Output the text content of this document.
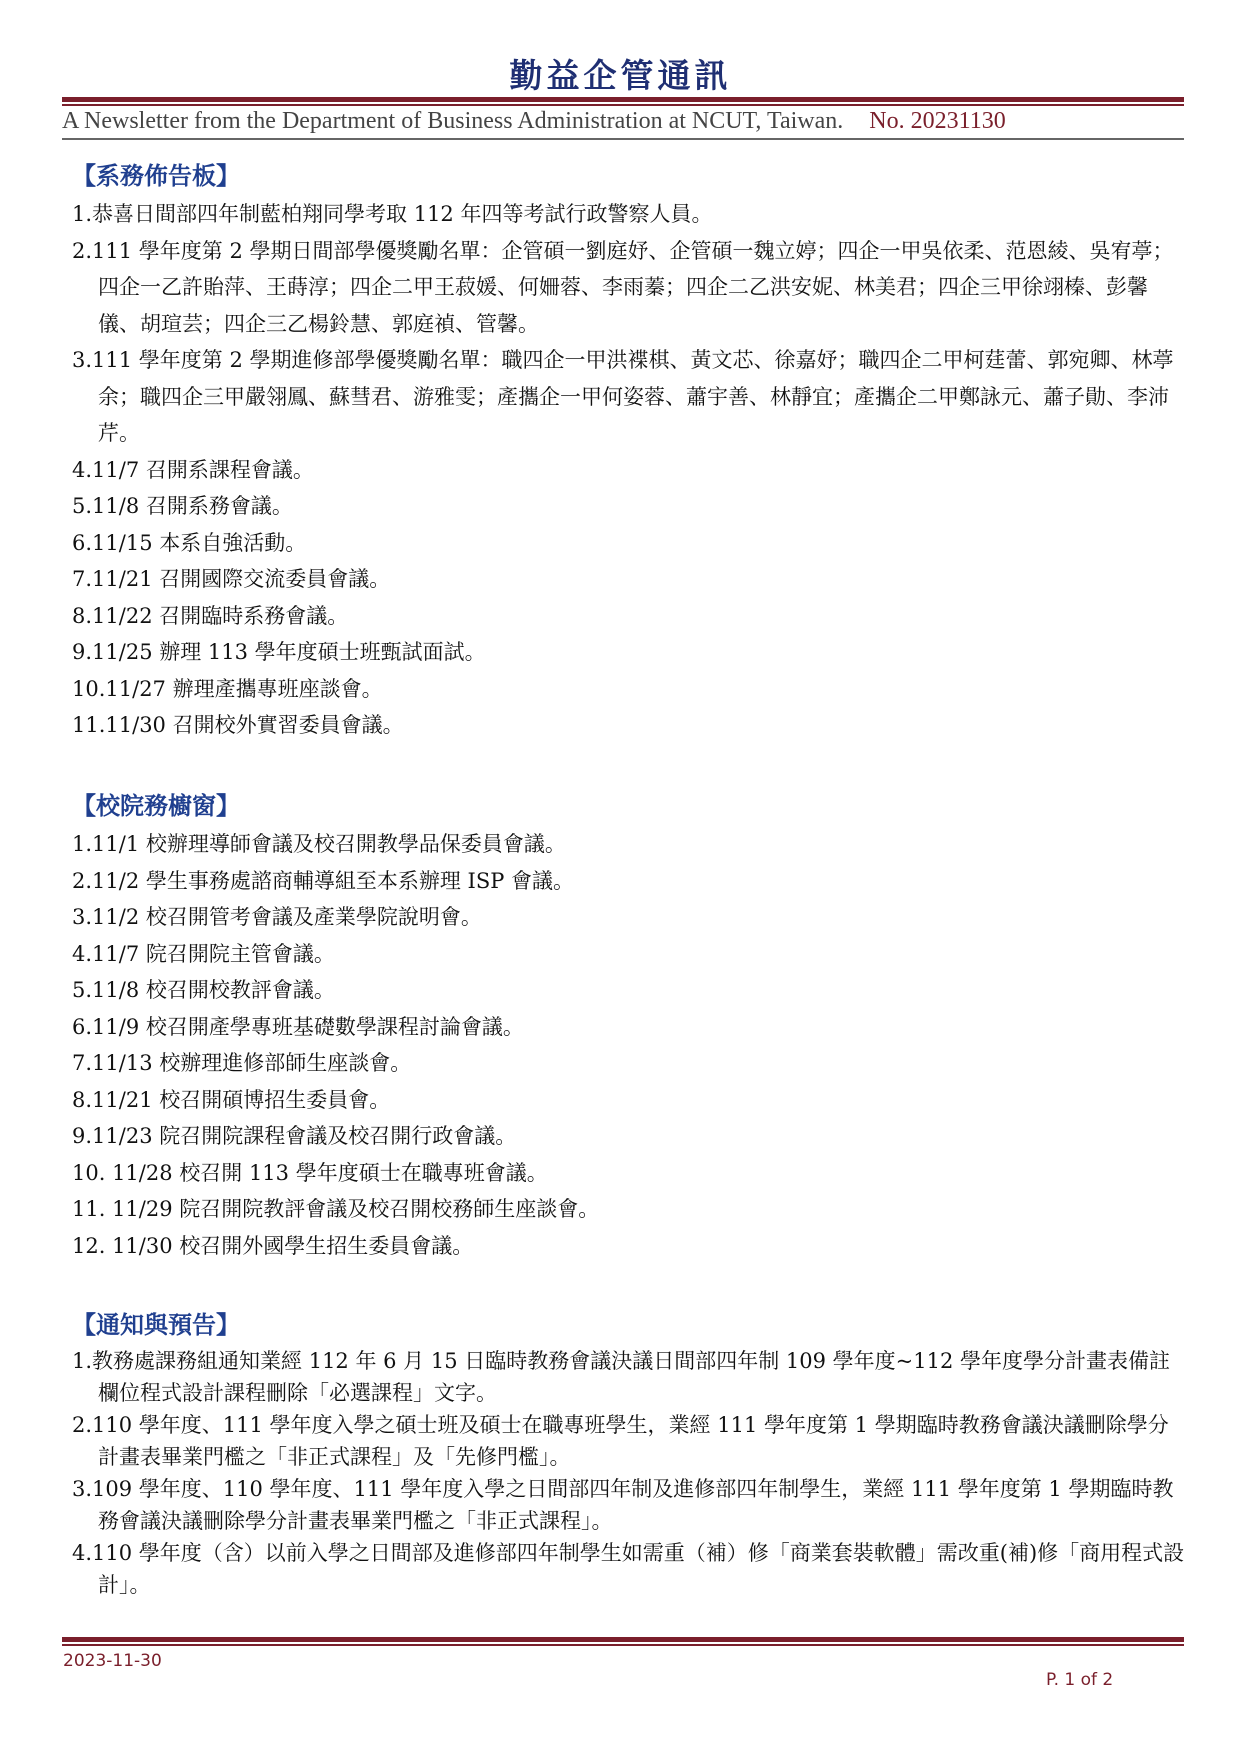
勤益企管通訊
A Newsletter from the Department of Business Administration at NCUT, Taiwan. No. 20231130
【系務佈告板】
1.恭喜日間部四年制藍柏翔同學考取 112 年四等考試行政警察人員。
2.111 學年度第 2 學期日間部學優獎勵名單：企管碩一劉庭妤、企管碩一魏立婷；四企一甲吳依柔、范恩綾、吳宥葶；四企一乙許貽萍、王蒔淳；四企二甲王菽媛、何姍蓉、李雨蓁；四企二乙洪安妮、林美君；四企三甲徐翊榛、彭馨儀、胡瑄芸；四企三乙楊鈴慧、郭庭禎、管馨。
3.111 學年度第 2 學期進修部學優獎勵名單：職四企一甲洪褋棋、黃文芯、徐嘉妤；職四企二甲柯莛蕾、郭宛卿、林葶余；職四企三甲嚴翎鳳、蘇彗君、游雅雯；產攜企一甲何姿蓉、蕭宇善、林靜宜；產攜企二甲鄭詠元、蕭子勛、李沛芹。
4.11/7 召開系課程會議。
5.11/8 召開系務會議。
6.11/15 本系自強活動。
7.11/21 召開國際交流委員會議。
8.11/22 召開臨時系務會議。
9.11/25 辦理 113 學年度碩士班甄試面試。
10.11/27 辦理產攜專班座談會。
11.11/30 召開校外實習委員會議。
【校院務櫥窗】
1.11/1 校辦理導師會議及校召開教學品保委員會議。
2.11/2 學生事務處諮商輔導組至本系辦理 ISP 會議。
3.11/2 校召開管考會議及產業學院說明會。
4.11/7 院召開院主管會議。
5.11/8 校召開校教評會議。
6.11/9 校召開產學專班基礎數學課程討論會議。
7.11/13 校辦理進修部師生座談會。
8.11/21 校召開碩博招生委員會。
9.11/23 院召開院課程會議及校召開行政會議。
10. 11/28 校召開 113 學年度碩士在職專班會議。
11. 11/29 院召開院教評會議及校召開校務師生座談會。
12. 11/30 校召開外國學生招生委員會議。
【通知與預告】
1.教務處課務組通知業經 112 年 6 月 15 日臨時教務會議決議日間部四年制 109 學年度~112 學年度學分計畫表備註欄位程式設計課程刪除「必選課程」文字。
2.110 學年度、111 學年度入學之碩士班及碩士在職專班學生，業經 111 學年度第 1 學期臨時教務會議決議刪除學分計畫表畢業門檻之「非正式課程」及「先修門檻」。
3.109 學年度、110 學年度、111 學年度入學之日間部四年制及進修部四年制學生，業經 111 學年度第 1 學期臨時教務會議決議刪除學分計畫表畢業門檻之「非正式課程」。
4.110 學年度（含）以前入學之日間部及進修部四年制學生如需重（補）修「商業套裝軟體」需改重(補)修「商用程式設計」。
2023-11-30
P. 1 of 2
